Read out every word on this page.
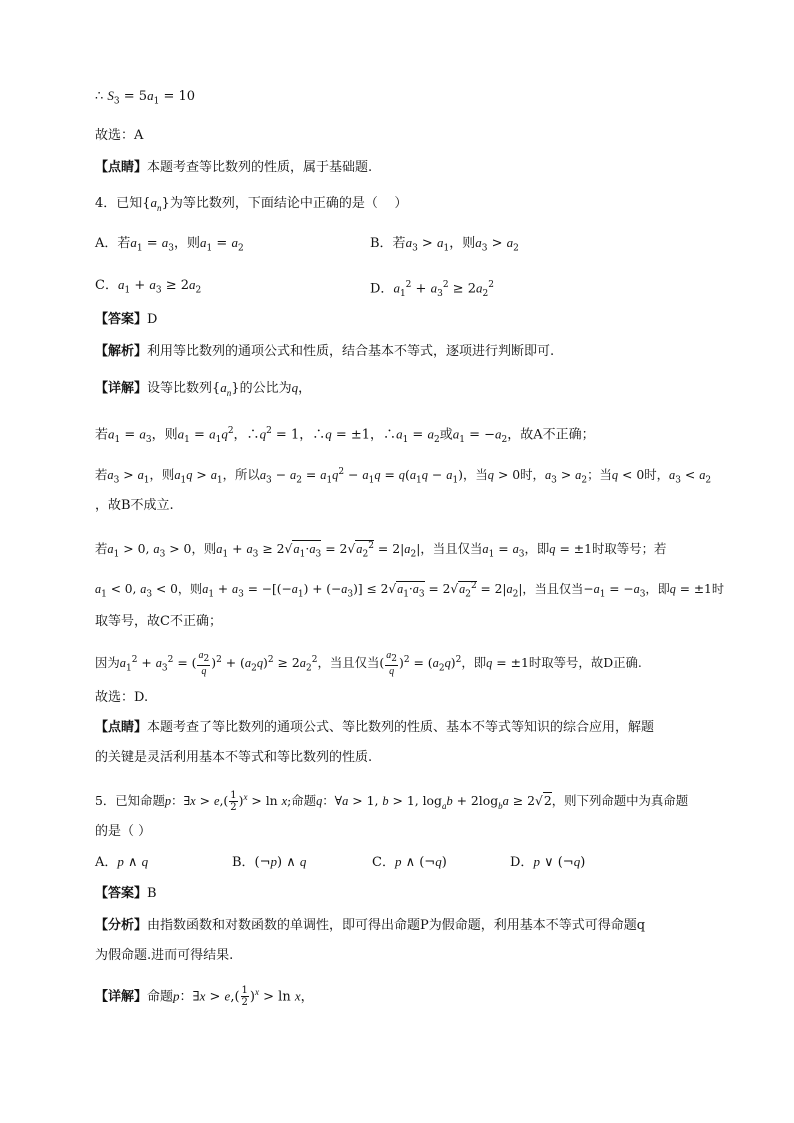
∴ $S_3 = 5a_1 = 10$
故选：A
【点睛】本题考查等比数列的性质，属于基础题.
4．已知$\{a_n\}$为等比数列，下面结论中正确的是（    ）
A．若$a_1 = a_3$，则$a_1 = a_2$	B．若$a_3 > a_1$，则$a_3 > a_2$
C．$a_1 + a_3 \ge 2a_2$	D．$a_1^2 + a_3^2 \ge 2a_2^2$
【答案】D
【解析】利用等比数列的通项公式和性质，结合基本不等式，逐项进行判断即可.
【详解】设等比数列$\{a_n\}$的公比为q，
若$a_1 = a_3$，则$a_1 = a_1q^2$，$\therefore q^2 = 1$，∴q = ±1，$\therefore a_1 = a_2$或$a_1 = -a_2$，故A不正确；
若$a_3 > a_1$，则$a_1q > a_1$，所以$a_3 - a_2 = a_1q^2 - a_1q = q(a_1q - a_1)$，当q > 0时，$a_3 > a_2$；当q < 0时，$a_3 < a_2$
，故B不成立.
若$a_1 > 0$, $a_3 > 0$，则$a_1 + a_3 \ge 2√a_1\cdot a_3 = 2√a_2^2 = 2|a_2|$，当且仅当$a_1 = a_3$，即q = ±1时取等号；若
$a_1 < 0$, $a_3 < 0$，则$a_1 + a_3 = -[(-a_1) + (-a_3)] \le 2√a_1\cdot a_3 = 2√a_2^2 = 2|a_2|$，当且仅当$-a_1 = -a_3$，即q = ±1时
取等号，故C不正确；
因为$a_1^2 + a_3^2$ = ( $\frac{a_2}{q} )^2 + (a_2q)^2 \ge 2a_2^2$，当且仅当( $\frac{a_2}{q} )^2 = (a_2q)^2$，即q = ±1时取等号，故D正确.
故选：D.
【点睛】本题考查了等比数列的通项公式、等比数列的性质、基本不等式等知识的综合应用，解题
的关键是灵活利用基本不等式和等比数列的性质.
5．已知命题p：∃x > $e,( \frac{1}{2} )^x > \ln x$;命题q：∀a > 1, b > 1, $\log_ab + 2\log_ba \ge 2√2$，则下列命题中为真命题
的是（ ）
A．p ∧ q	B．(¬p) ∧ q	C．p ∧ (¬q)	D．p ∨ (¬q)
【答案】B
【分析】由指数函数和对数函数的单调性，即可得出命题P为假命题，利用基本不等式可得命题q
为假命题.进而可得结果.
【详解】命题p：∃x > $e,( \frac{1}{2} )^x > \ln x$，
